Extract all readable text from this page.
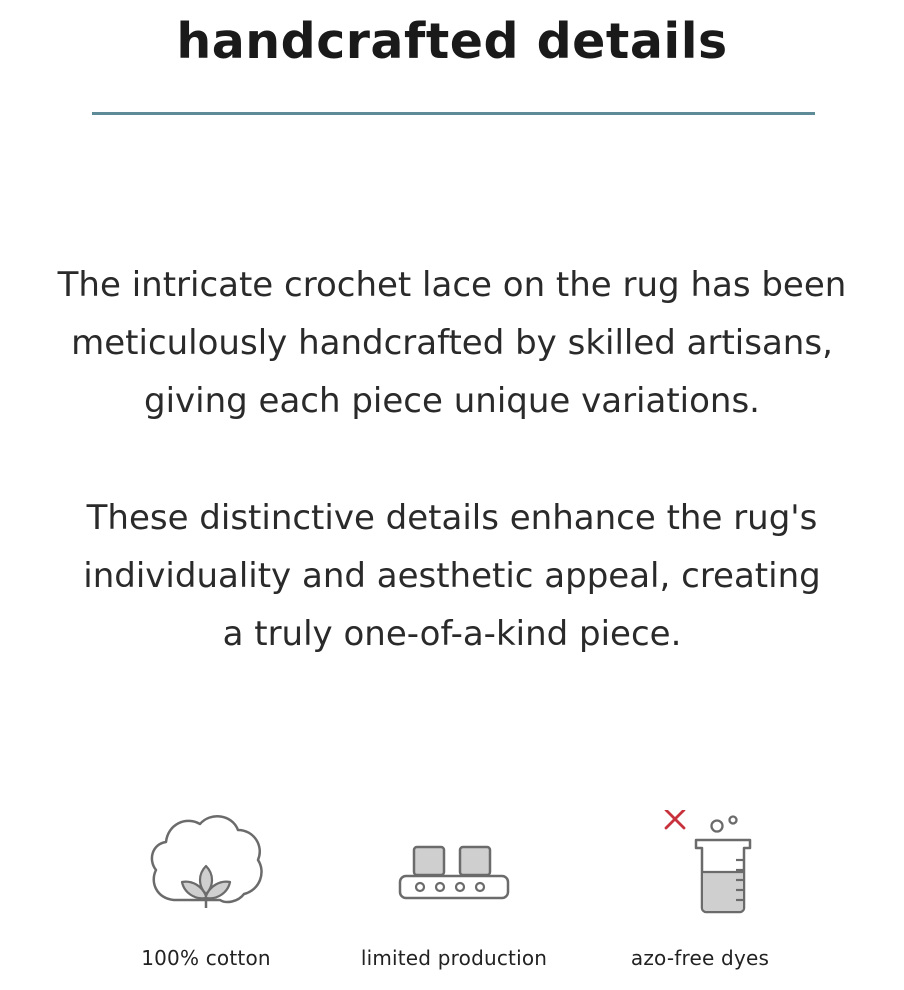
handcrafted details

The intricate crochet lace on the rug has been
meticulously handcrafted by skilled artisans,
giving each piece unique variations.

These distinctive details enhance the rug's
individuality and aesthetic appeal, creating
a truly one-of-a-kind piece.

100% cotton	limited production	azo-free dyes
